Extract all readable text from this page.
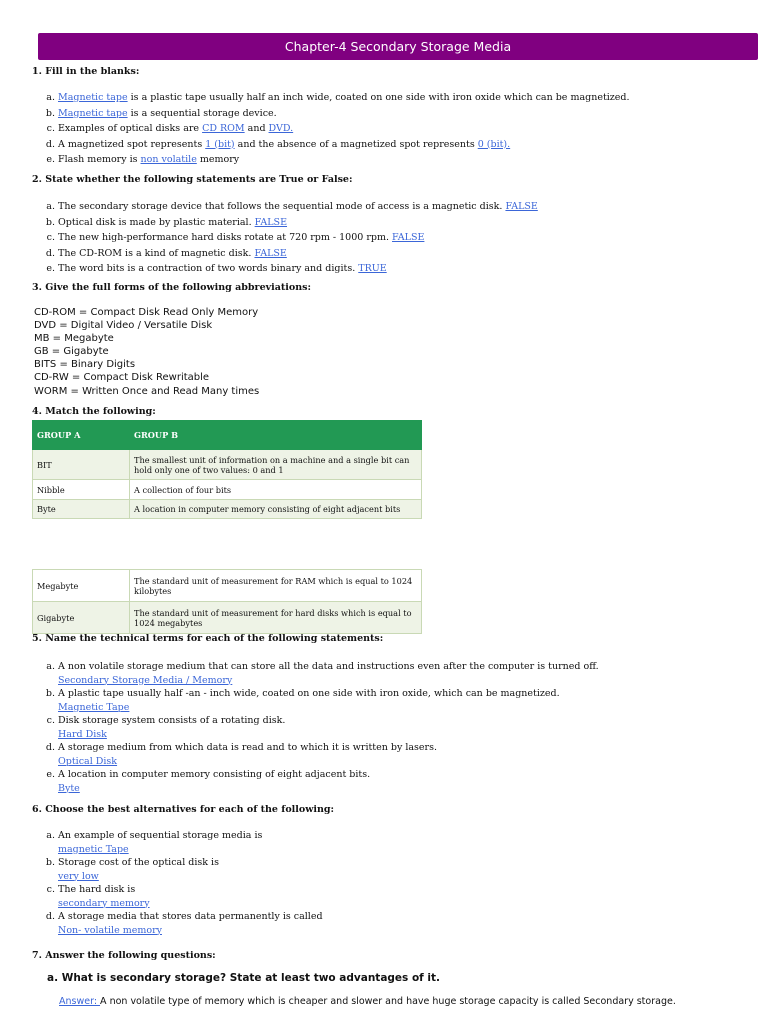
Chapter-4 Secondary Storage Media

1. Fill in the blanks:

a. Magnetic tape is a plastic tape usually half an inch wide, coated on one side with iron oxide which can be magnetized.
b. Magnetic tape is a sequential storage device.
c. Examples of optical disks are CD ROM and DVD.
d. A magnetized spot represents 1 (bit) and the absence of a magnetized spot represents 0 (bit).
e. Flash memory is non volatile memory

2. State whether the following statements are True or False:

a. The secondary storage device that follows the sequential mode of access is a magnetic disk. FALSE
b. Optical disk is made by plastic material. FALSE
c. The new high-performance hard disks rotate at 720 rpm - 1000 rpm. FALSE
d. The CD-ROM is a kind of magnetic disk. FALSE
e. The word bits is a contraction of two words binary and digits. TRUE

3. Give the full forms of the following abbreviations:

CD-ROM = Compact Disk Read Only Memory
DVD = Digital Video / Versatile Disk
MB = Megabyte
GB = Gigabyte
BITS = Binary Digits
CD-RW = Compact Disk Rewritable
WORM = Written Once and Read Many times

4. Match the following:

GROUP A	GROUP B
BIT	The smallest unit of information on a machine and a single bit can hold only one of two values: 0 and 1
Nibble	A collection of four bits
Byte	A location in computer memory consisting of eight adjacent bits
Megabyte	The standard unit of measurement for RAM which is equal to 1024 kilobytes
Gigabyte	The standard unit of measurement for hard disks which is equal to 1024 megabytes

5. Name the technical terms for each of the following statements:

a. A non volatile storage medium that can store all the data and instructions even after the computer is turned off.
Secondary Storage Media / Memory
b. A plastic tape usually half -an - inch wide, coated on one side with iron oxide, which can be magnetized.
Magnetic Tape
c. Disk storage system consists of a rotating disk.
Hard Disk
d. A storage medium from which data is read and to which it is written by lasers.
Optical Disk
e. A location in computer memory consisting of eight adjacent bits.
Byte

6. Choose the best alternatives for each of the following:

a. An example of sequential storage media is
magnetic Tape
b. Storage cost of the optical disk is
very low
c. The hard disk is
secondary memory
d. A storage media that stores data permanently is called
Non- volatile memory

7. Answer the following questions:

a. What is secondary storage? State at least two advantages of it.
Answer: A non volatile type of memory which is cheaper and slower and have huge storage capacity is called Secondary storage.
